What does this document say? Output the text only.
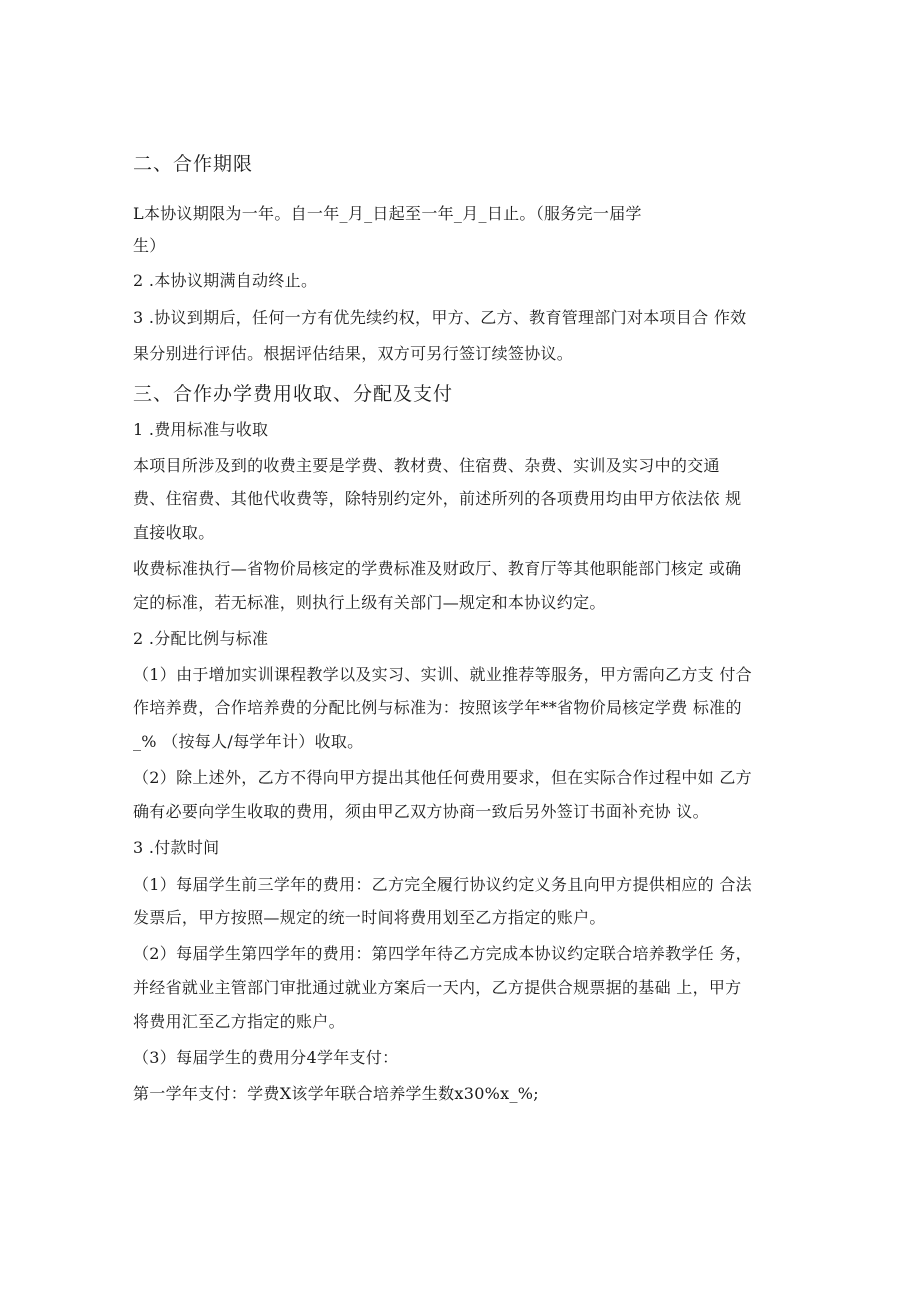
二、合作期限
L本协议期限为一年。自一年_月_日起至一年_月_日止。（服务完一届学
生）
2 .本协议期满自动终止。
3 .协议到期后，任何一方有优先续约权，甲方、乙方、教育管理部门对本项目合 作效
果分别进行评估。根据评估结果，双方可另行签订续签协议。
三、合作办学费用收取、分配及支付
1 .费用标准与收取
本项目所涉及到的收费主要是学费、教材费、住宿费、杂费、实训及实习中的交通
费、住宿费、其他代收费等，除特别约定外，前述所列的各项费用均由甲方依法依 规
直接收取。
收费标准执行—省物价局核定的学费标准及财政厅、教育厅等其他职能部门核定 或确
定的标准，若无标准，则执行上级有关部门—规定和本协议约定。
2 .分配比例与标准
（1）由于增加实训课程教学以及实习、实训、就业推荐等服务，甲方需向乙方支 付合
作培养费，合作培养费的分配比例与标准为：按照该学年**省物价局核定学费 标准的
_% （按每人/每学年计）收取。
（2）除上述外，乙方不得向甲方提出其他任何费用要求，但在实际合作过程中如 乙方
确有必要向学生收取的费用，须由甲乙双方协商一致后另外签订书面补充协 议。
3 .付款时间
（1）每届学生前三学年的费用：乙方完全履行协议约定义务且向甲方提供相应的 合法
发票后，甲方按照—规定的统一时间将费用划至乙方指定的账户。
（2）每届学生第四学年的费用：第四学年待乙方完成本协议约定联合培养教学任 务，
并经省就业主管部门审批通过就业方案后一天内，乙方提供合规票据的基础 上，甲方
将费用汇至乙方指定的账户。
（3）每届学生的费用分4学年支付：
第一学年支付：学费X该学年联合培养学生数x30%x_%;
